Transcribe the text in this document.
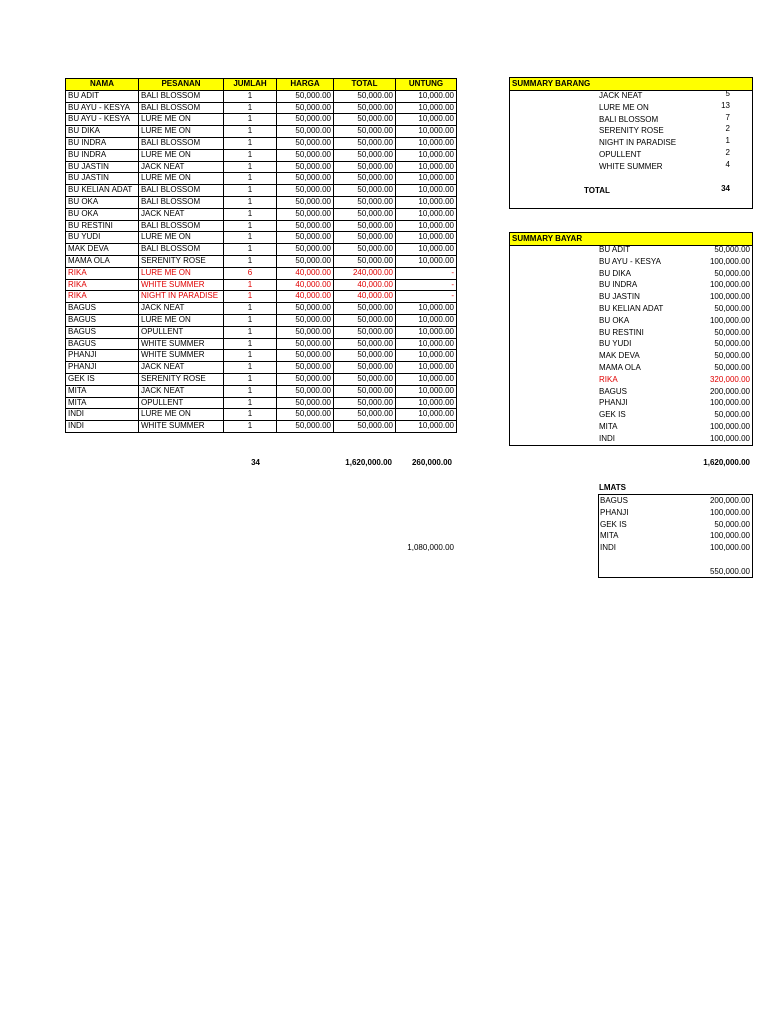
NAMA	PESANAN	JUMLAH	HARGA	TOTAL	UNTUNG
BU ADIT	BALI BLOSSOM	1	50,000.00	50,000.00	10,000.00
BU AYU - KESYA	BALI BLOSSOM	1	50,000.00	50,000.00	10,000.00
BU AYU - KESYA	LURE ME ON	1	50,000.00	50,000.00	10,000.00
BU DIKA	LURE ME ON	1	50,000.00	50,000.00	10,000.00
BU INDRA	BALI BLOSSOM	1	50,000.00	50,000.00	10,000.00
BU INDRA	LURE ME ON	1	50,000.00	50,000.00	10,000.00
BU JASTIN	JACK NEAT	1	50,000.00	50,000.00	10,000.00
BU JASTIN	LURE ME ON	1	50,000.00	50,000.00	10,000.00
BU KELIAN ADAT	BALI BLOSSOM	1	50,000.00	50,000.00	10,000.00
BU OKA	BALI BLOSSOM	1	50,000.00	50,000.00	10,000.00
BU OKA	JACK NEAT	1	50,000.00	50,000.00	10,000.00
BU RESTINI	BALI BLOSSOM	1	50,000.00	50,000.00	10,000.00
BU YUDI	LURE ME ON	1	50,000.00	50,000.00	10,000.00
MAK DEVA	BALI BLOSSOM	1	50,000.00	50,000.00	10,000.00
MAMA OLA	SERENITY ROSE	1	50,000.00	50,000.00	10,000.00
RIKA	LURE ME ON	6	40,000.00	240,000.00	-
RIKA	WHITE SUMMER	1	40,000.00	40,000.00	-
RIKA	NIGHT IN PARADISE	1	40,000.00	40,000.00	-
BAGUS	JACK NEAT	1	50,000.00	50,000.00	10,000.00
BAGUS	LURE ME ON	1	50,000.00	50,000.00	10,000.00
BAGUS	OPULLENT	1	50,000.00	50,000.00	10,000.00
BAGUS	WHITE SUMMER	1	50,000.00	50,000.00	10,000.00
PHANJI	WHITE SUMMER	1	50,000.00	50,000.00	10,000.00
PHANJI	JACK NEAT	1	50,000.00	50,000.00	10,000.00
GEK IS	SERENITY ROSE	1	50,000.00	50,000.00	10,000.00
MITA	JACK NEAT	1	50,000.00	50,000.00	10,000.00
MITA	OPULLENT	1	50,000.00	50,000.00	10,000.00
INDI	LURE ME ON	1	50,000.00	50,000.00	10,000.00
INDI	WHITE SUMMER	1	50,000.00	50,000.00	10,000.00
34	1,620,000.00	260,000.00
1,080,000.00
SUMMARY BARANG
JACK NEAT	5
LURE ME ON	13
BALI BLOSSOM	7
SERENITY ROSE	2
NIGHT IN PARADISE	1
OPULLENT	2
WHITE SUMMER	4
TOTAL	34
SUMMARY BAYAR
BU ADIT	50,000.00
BU AYU - KESYA	100,000.00
BU DIKA	50,000.00
BU INDRA	100,000.00
BU JASTIN	100,000.00
BU KELIAN ADAT	50,000.00
BU OKA	100,000.00
BU RESTINI	50,000.00
BU YUDI	50,000.00
MAK DEVA	50,000.00
MAMA OLA	50,000.00
RIKA	320,000.00
BAGUS	200,000.00
PHANJI	100,000.00
GEK IS	50,000.00
MITA	100,000.00
INDI	100,000.00
1,620,000.00
LMATS
BAGUS	200,000.00
PHANJI	100,000.00
GEK IS	50,000.00
MITA	100,000.00
INDI	100,000.00
550,000.00
